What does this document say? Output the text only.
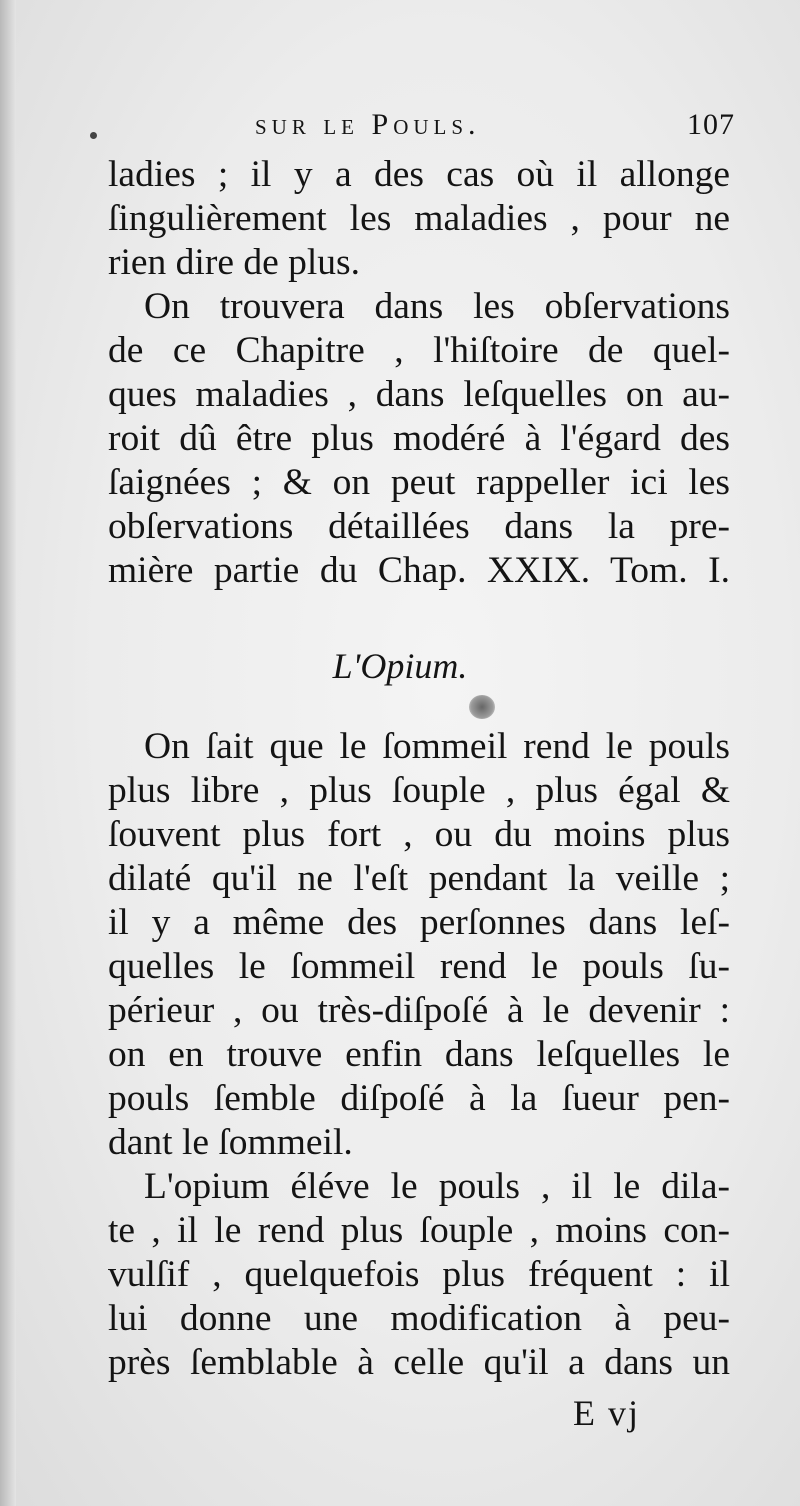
sur le Pouls.	107
ladies ; il y a des cas où il allonge
ſingulièrement les maladies , pour ne
rien dire de plus.
On trouvera dans les obſervations
de ce Chapitre , l'hiſtoire de quel-
ques maladies , dans leſquelles on au-
roit dû être plus modéré à l'égard des
ſaignées ; & on peut rappeller ici les
obſervations détaillées dans la pre-
mière partie du Chap. XXIX. Tom. I.
L'Opium.
On ſait que le ſommeil rend le pouls
plus libre , plus ſouple , plus égal &
ſouvent plus fort , ou du moins plus
dilaté qu'il ne l'eſt pendant la veille ;
il y a même des perſonnes dans leſ-
quelles le ſommeil rend le pouls ſu-
périeur , ou très-diſpoſé à le devenir :
on en trouve enfin dans leſquelles le
pouls ſemble diſpoſé à la ſueur pen-
dant le ſommeil.
L'opium éléve le pouls , il le dila-
te , il le rend plus ſouple , moins con-
vulſif , quelquefois plus fréquent : il
lui donne une modification à peu-
près ſemblable à celle qu'il a dans un
E vj
